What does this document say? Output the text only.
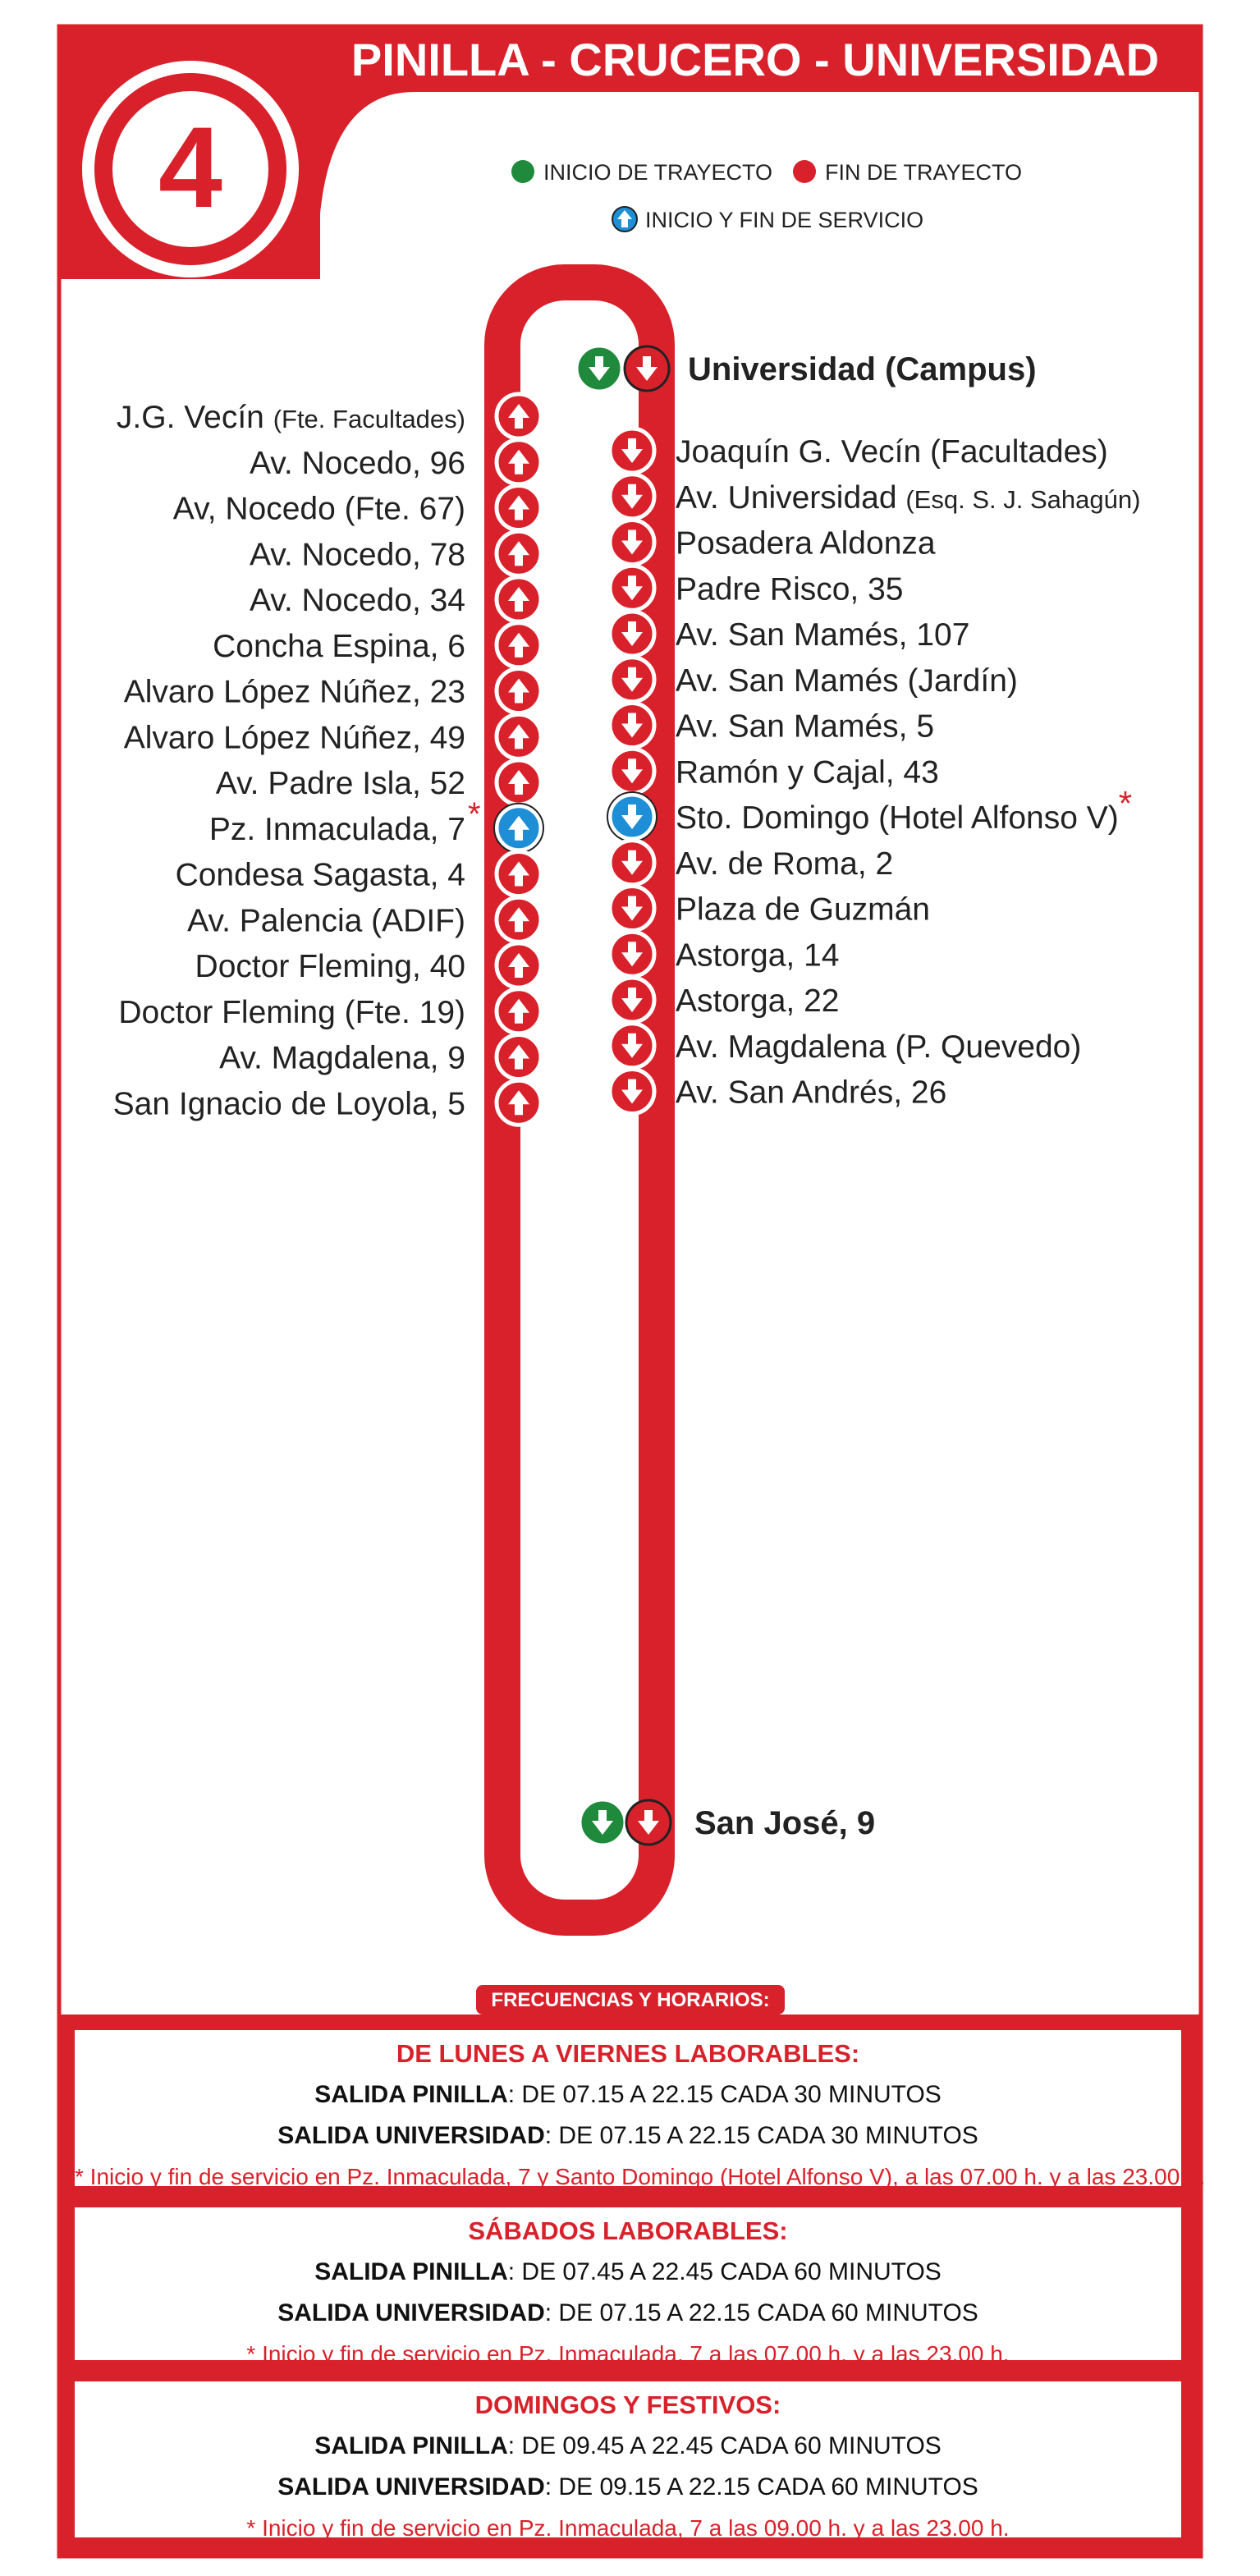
4
PINILLA - CRUCERO - UNIVERSIDAD
INICIO DE TRAYECTO FIN DE TRAYECTO
INICIO Y FIN DE SERVICIO
J.G. Vecín (Fte. Facultades)
Av. Nocedo, 96
Av, Nocedo (Fte. 67)
Av. Nocedo, 78
Av. Nocedo, 34
Concha Espina, 6
Alvaro López Núñez, 23
Alvaro López Núñez, 49
Av. Padre Isla, 52
Pz. Inmaculada, 7 *
Condesa Sagasta, 4
Av. Palencia (ADIF)
Doctor Fleming, 40
Doctor Fleming (Fte. 19)
Av. Magdalena, 9
San Ignacio de Loyola, 5
Joaquín G. Vecín (Facultades)
Av. Universidad (Esq. S. J. Sahagún)
Posadera Aldonza
Padre Risco, 35
Av. San Mamés, 107
Av. San Mamés (Jardín)
Av. San Mamés, 5
Ramón y Cajal, 43
Sto. Domingo (Hotel Alfonso V)*
Av. de Roma, 2
Plaza de Guzmán
Astorga, 14
Astorga, 22
Av. Magdalena (P. Quevedo)
Av. San Andrés, 26
Universidad (Campus)
San José, 9
FRECUENCIAS Y HORARIOS:
DE LUNES A VIERNES LABORABLES:
SALIDA PINILLA: DE 07.15 A 22.15 CADA 30 MINUTOS
SALIDA UNIVERSIDAD: DE 07.15 A 22.15 CADA 30 MINUTOS
* Inicio y fin de servicio en Pz. Inmaculada, 7 y Santo Domingo (Hotel Alfonso V), a las 07.00 h. y a las 23.00 h.
SÁBADOS LABORABLES:
SALIDA PINILLA: DE 07.45 A 22.45 CADA 60 MINUTOS
SALIDA UNIVERSIDAD: DE 07.15 A 22.15 CADA 60 MINUTOS
* Inicio y fin de servicio en Pz. Inmaculada, 7 a las 07.00 h. y a las 23.00 h.
DOMINGOS Y FESTIVOS:
SALIDA PINILLA: DE 09.45 A 22.45 CADA 60 MINUTOS
SALIDA UNIVERSIDAD: DE 09.15 A 22.15 CADA 60 MINUTOS
* Inicio y fin de servicio en Pz. Inmaculada, 7 a las 09.00 h. y a las 23.00 h.
